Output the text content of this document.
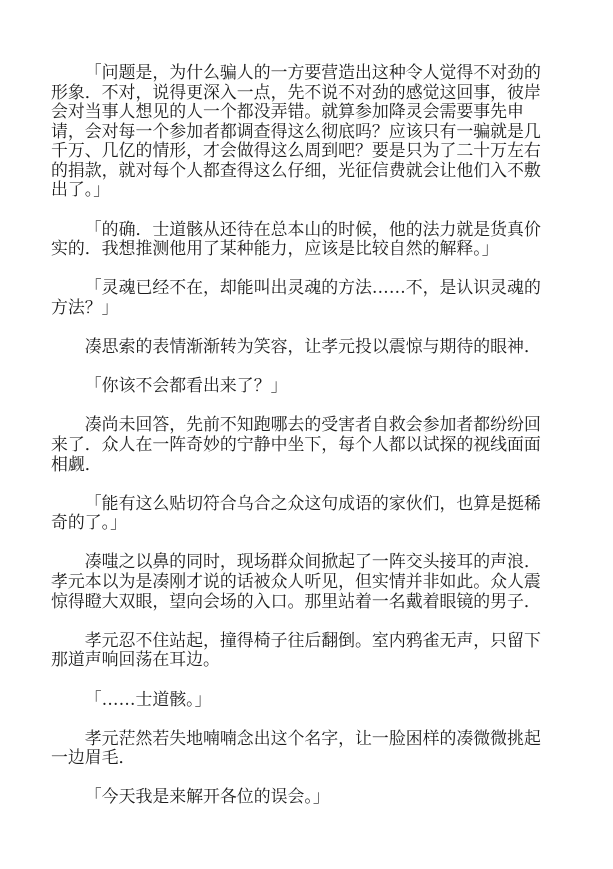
「问题是，为什么骗人的一方要营造出这种令人觉得不对劲的
形象．不对，说得更深入一点，先不说不对劲的感觉这回事，彼岸
会对当事人想见的人一个都没弄错。就算参加降灵会需要事先申
请，会对每一个参加者都调查得这么彻底吗？应该只有一骗就是几
千万、几亿的情形，才会做得这么周到吧？要是只为了二十万左右
的捐款，就对每个人都查得这么仔细，光征信费就会让他们入不敷
出了。」
「的确．士道骸从还待在总本山的时候，他的法力就是货真价
实的．我想推测他用了某种能力，应该是比较自然的解释。」
「灵魂已经不在，却能叫出灵魂的方法……不，是认识灵魂的
方法？」
凑思索的表情渐渐转为笑容，让孝元投以震惊与期待的眼神．
「你该不会都看出来了？」
凑尚未回答，先前不知跑哪去的受害者自救会参加者都纷纷回
来了．众人在一阵奇妙的宁静中坐下，每个人都以试探的视线面面
相觑．
「能有这么贴切符合乌合之众这句成语的家伙们，也算是挺稀
奇的了。」
凑嗤之以鼻的同时，现场群众间掀起了一阵交头接耳的声浪．
孝元本以为是凑刚才说的话被众人听见，但实情并非如此。众人震
惊得瞪大双眼，望向会场的入口。那里站着一名戴着眼镜的男子．
孝元忍不住站起，撞得椅子往后翻倒。室内鸦雀无声，只留下
那道声响回荡在耳边。
「……士道骸。」
孝元茫然若失地喃喃念出这个名字，让一脸困样的凑微微挑起
一边眉毛．
「今天我是来解开各位的误会。」
